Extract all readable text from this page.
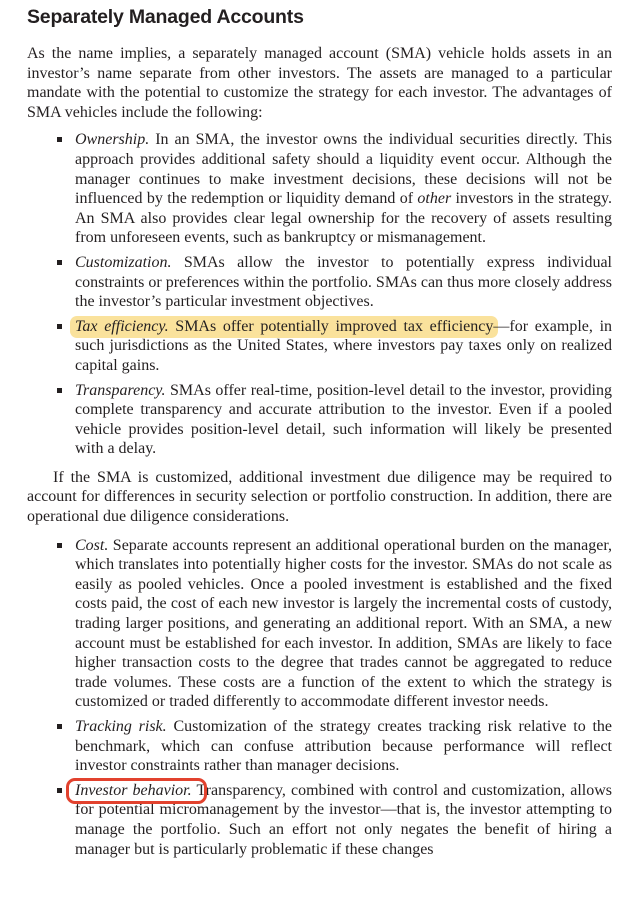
Separately Managed Accounts

As the name implies, a separately managed account (SMA) vehicle holds assets in an investor’s name separate from other investors. The assets are managed to a particular mandate with the potential to customize the strategy for each investor. The advantages of SMA vehicles include the following:

Ownership. In an SMA, the investor owns the individual securities directly. This approach provides additional safety should a liquidity event occur. Although the manager continues to make investment decisions, these decisions will not be influenced by the redemption or liquidity demand of other investors in the strategy. An SMA also provides clear legal ownership for the recovery of assets resulting from unforeseen events, such as bankruptcy or mismanagement.
Customization. SMAs allow the investor to potentially express individual constraints or preferences within the portfolio. SMAs can thus more closely address the investor’s particular investment objectives.
Tax efficiency. SMAs offer potentially improved tax efficiency—for example, in such jurisdictions as the United States, where investors pay taxes only on realized capital gains.
Transparency. SMAs offer real-time, position-level detail to the investor, providing complete transparency and accurate attribution to the investor. Even if a pooled vehicle provides position-level detail, such information will likely be presented with a delay.

If the SMA is customized, additional investment due diligence may be required to account for differences in security selection or portfolio construction. In addition, there are operational due diligence considerations.

Cost. Separate accounts represent an additional operational burden on the manager, which translates into potentially higher costs for the investor. SMAs do not scale as easily as pooled vehicles. Once a pooled investment is established and the fixed costs paid, the cost of each new investor is largely the incremental costs of custody, trading larger positions, and generating an additional report. With an SMA, a new account must be established for each investor. In addition, SMAs are likely to face higher transaction costs to the degree that trades cannot be aggregated to reduce trade volumes. These costs are a function of the extent to which the strategy is customized or traded differently to accommodate different investor needs.
Tracking risk. Customization of the strategy creates tracking risk relative to the benchmark, which can confuse attribution because performance will reflect investor constraints rather than manager decisions.
Investor behavior. Transparency, combined with control and customization, allows for potential micromanagement by the investor—that is, the investor attempting to manage the portfolio. Such an effort not only negates the benefit of hiring a manager but is particularly problematic if these changes
